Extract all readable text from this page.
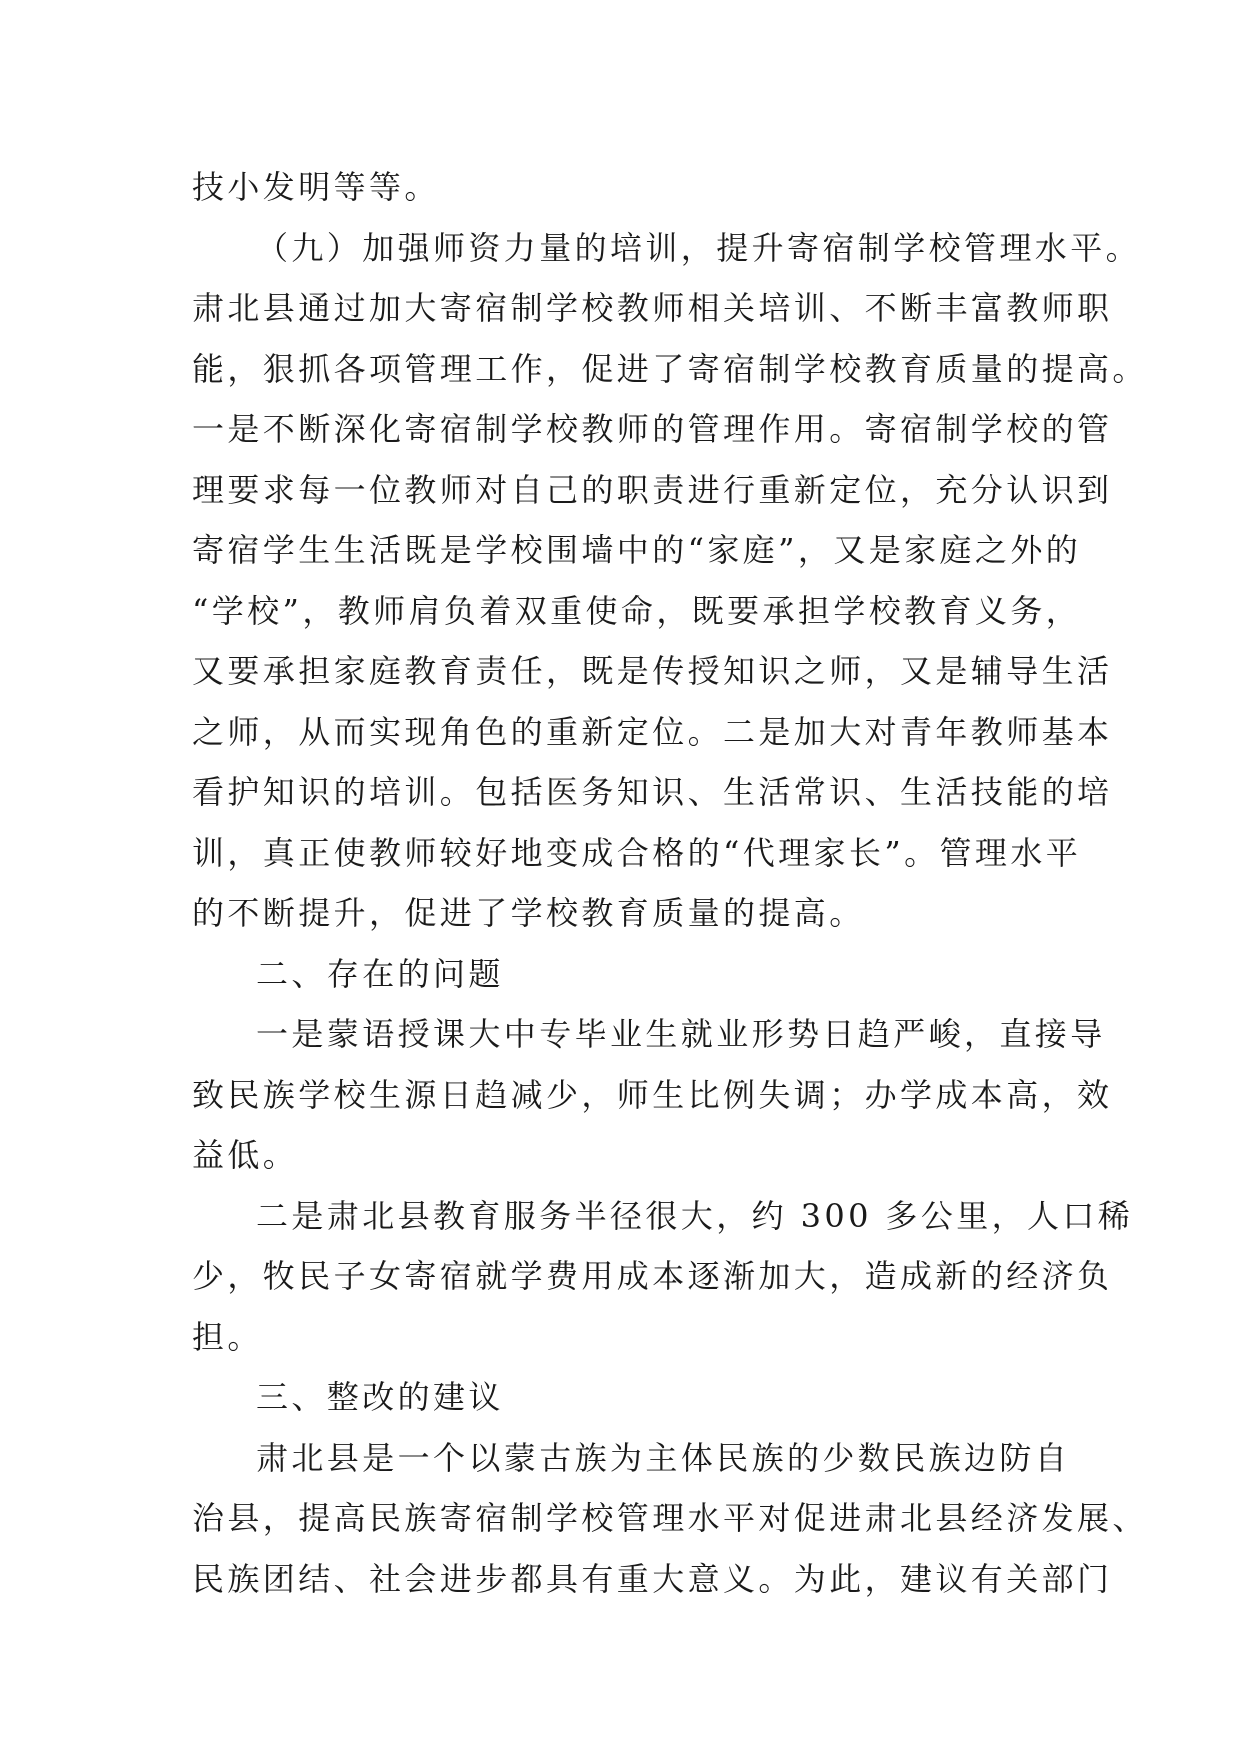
技小发明等等。
（九）加强师资力量的培训，提升寄宿制学校管理水平。
肃北县通过加大寄宿制学校教师相关培训、不断丰富教师职
能，狠抓各项管理工作，促进了寄宿制学校教育质量的提高。
一是不断深化寄宿制学校教师的管理作用。寄宿制学校的管
理要求每一位教师对自己的职责进行重新定位，充分认识到
寄宿学生生活既是学校围墙中的“家庭”，又是家庭之外的
“学校”，教师肩负着双重使命，既要承担学校教育义务，
又要承担家庭教育责任，既是传授知识之师，又是辅导生活
之师，从而实现角色的重新定位。二是加大对青年教师基本
看护知识的培训。包括医务知识、生活常识、生活技能的培
训，真正使教师较好地变成合格的“代理家长”。管理水平
的不断提升，促进了学校教育质量的提高。
二、存在的问题
一是蒙语授课大中专毕业生就业形势日趋严峻，直接导
致民族学校生源日趋减少，师生比例失调；办学成本高，效
益低。
二是肃北县教育服务半径很大，约 300 多公里，人口稀
少，牧民子女寄宿就学费用成本逐渐加大，造成新的经济负
担。
三、整改的建议
肃北县是一个以蒙古族为主体民族的少数民族边防自
治县，提高民族寄宿制学校管理水平对促进肃北县经济发展、
民族团结、社会进步都具有重大意义。为此，建议有关部门
